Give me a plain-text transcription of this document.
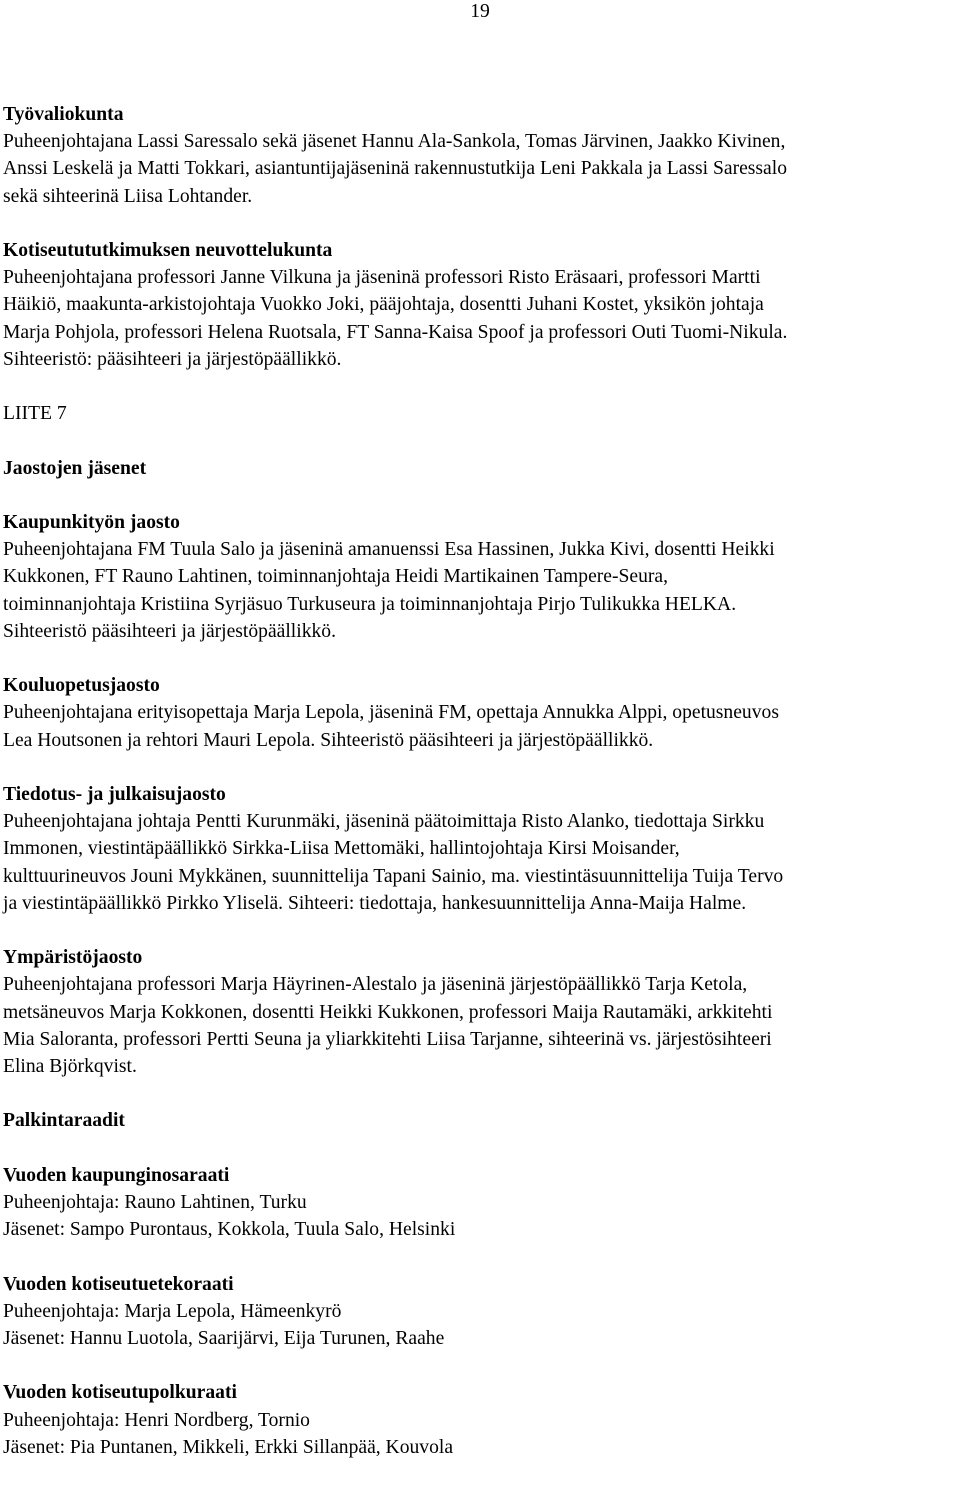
19

Työvaliokunta

Puheenjohtajana Lassi Saressalo sekä jäsenet Hannu Ala-Sankola, Tomas Järvinen, Jaakko Kivinen,
Anssi Leskelä ja Matti Tokkari, asiantuntijajäseninä rakennustutkija Leni Pakkala ja Lassi Saressalo
sekä sihteerinä Liisa Lohtander.

Kotiseutututkimuksen neuvottelukunta

Puheenjohtajana professori Janne Vilkuna ja jäseninä professori Risto Eräsaari, professori Martti
Häikiö, maakunta-arkistojohtaja Vuokko Joki, pääjohtaja, dosentti Juhani Kostet, yksikön johtaja
Marja Pohjola, professori Helena Ruotsala, FT Sanna-Kaisa Spoof ja professori Outi Tuomi-Nikula.
Sihteeristö: pääsihteeri ja järjestöpäällikkö.

LIITE 7

Jaostojen jäsenet

Kaupunkityön jaosto

Puheenjohtajana FM Tuula Salo ja jäseninä amanuenssi Esa Hassinen, Jukka Kivi, dosentti Heikki
Kukkonen, FT Rauno Lahtinen, toiminnanjohtaja Heidi Martikainen Tampere-Seura,
toiminnanjohtaja Kristiina Syrjäsuo Turkuseura ja toiminnanjohtaja Pirjo Tulikukka HELKA.
Sihteeristö pääsihteeri ja järjestöpäällikkö.

Kouluopetusjaosto

Puheenjohtajana erityisopettaja Marja Lepola, jäseninä FM, opettaja Annukka Alppi, opetusneuvos
Lea Houtsonen ja rehtori Mauri Lepola. Sihteeristö pääsihteeri ja järjestöpäällikkö.

Tiedotus- ja julkaisujaosto

Puheenjohtajana johtaja Pentti Kurunmäki, jäseninä päätoimittaja Risto Alanko, tiedottaja Sirkku
Immonen, viestintäpäällikkö Sirkka-Liisa Mettomäki, hallintojohtaja Kirsi Moisander,
kulttuurineuvos Jouni Mykkänen, suunnittelija Tapani Sainio, ma. viestintäsuunnittelija Tuija Tervo
ja viestintäpäällikkö Pirkko Yliselä. Sihteeri: tiedottaja, hankesuunnittelija Anna-Maija Halme.

Ympäristöjaosto

Puheenjohtajana professori Marja Häyrinen-Alestalo ja jäseninä järjestöpäällikkö Tarja Ketola,
metsäneuvos Marja Kokkonen, dosentti Heikki Kukkonen, professori Maija Rautamäki, arkkitehti
Mia Saloranta, professori Pertti Seuna ja yliarkkitehti Liisa Tarjanne, sihteerinä vs. järjestösihteeri
Elina Björkqvist.

Palkintaraadit

Vuoden kaupunginosaraati

Puheenjohtaja: Rauno Lahtinen, Turku

Jäsenet: Sampo Purontaus, Kokkola, Tuula Salo, Helsinki

Vuoden kotiseutuetekoraati

Puheenjohtaja: Marja Lepola, Hämeenkyrö

Jäsenet: Hannu Luotola, Saarijärvi, Eija Turunen, Raahe

Vuoden kotiseutupolkuraati

Puheenjohtaja: Henri Nordberg, Tornio

Jäsenet: Pia Puntanen, Mikkeli, Erkki Sillanpää, Kouvola
